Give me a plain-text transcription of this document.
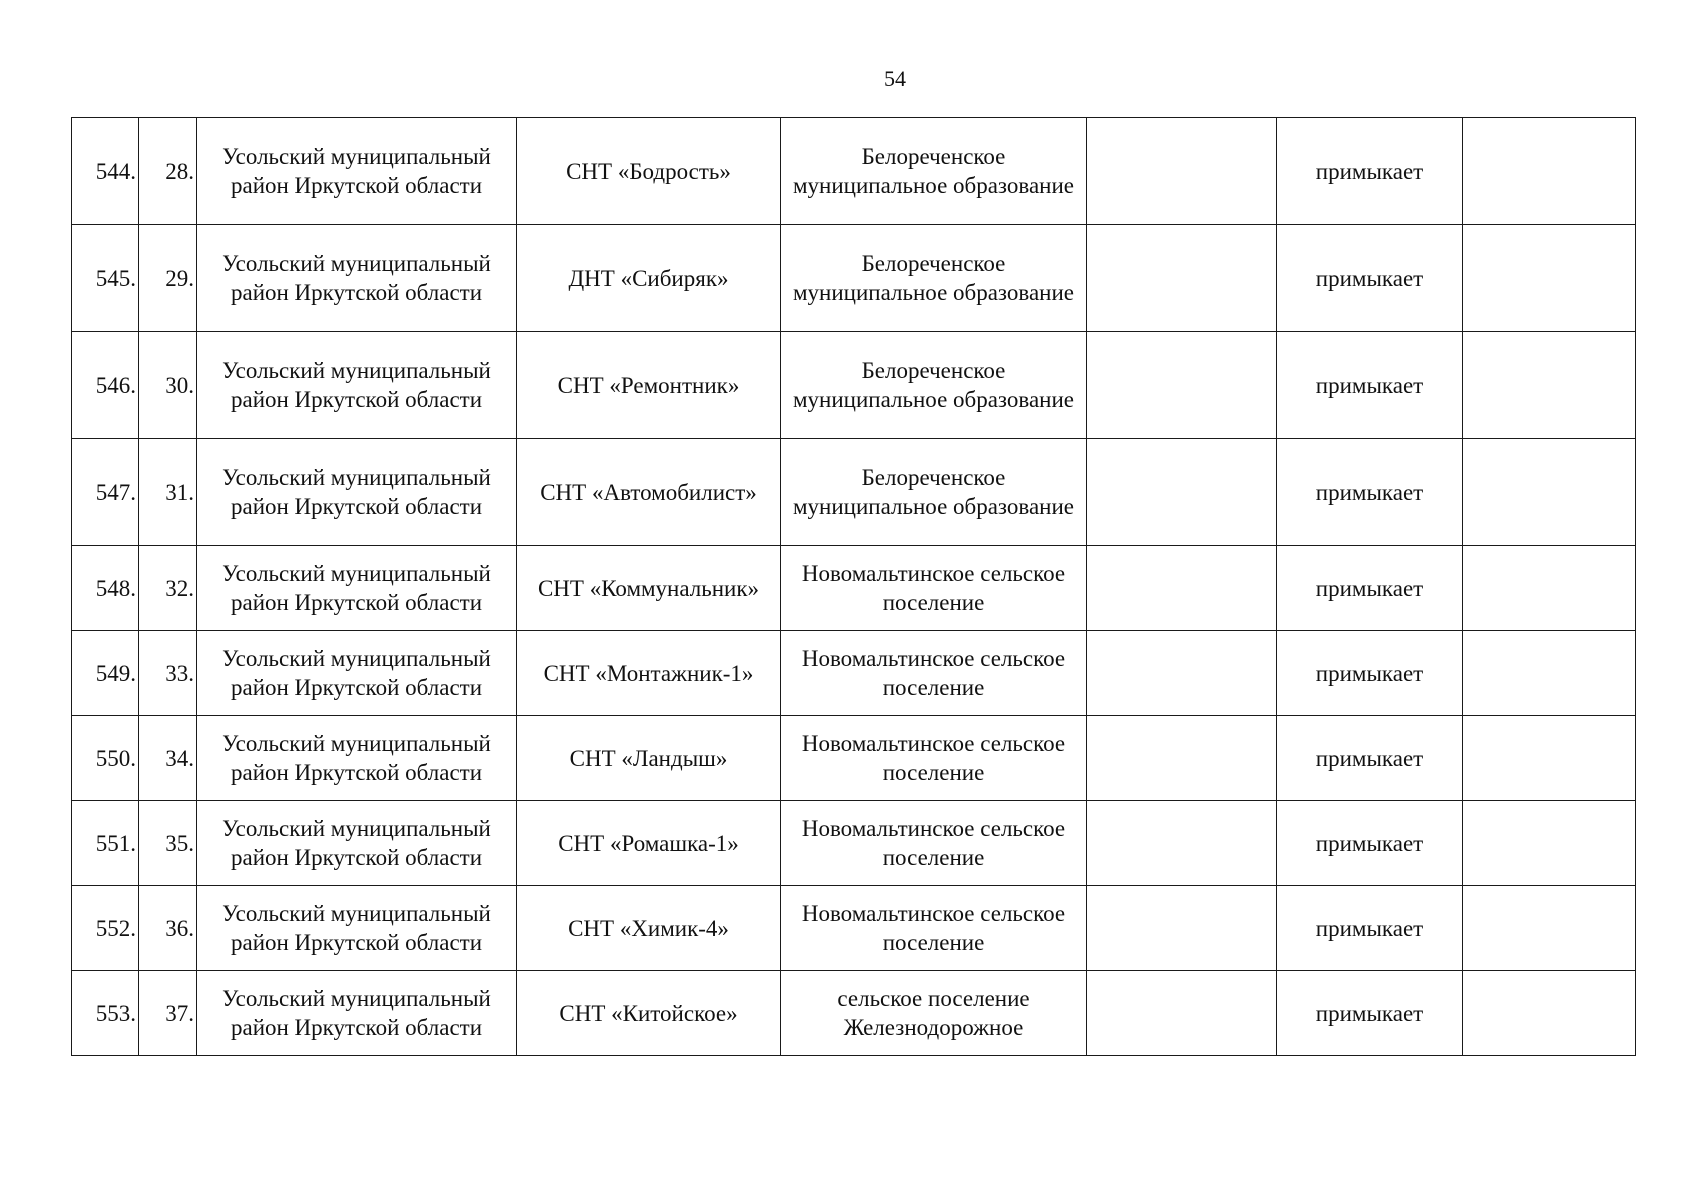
54
544.	28.	Усольский муниципальный район Иркутской области	СНТ «Бодрость»	Белореченское муниципальное образование		примыкает	
545.	29.	Усольский муниципальный район Иркутской области	ДНТ «Сибиряк»	Белореченское муниципальное образование		примыкает	
546.	30.	Усольский муниципальный район Иркутской области	СНТ «Ремонтник»	Белореченское муниципальное образование		примыкает	
547.	31.	Усольский муниципальный район Иркутской области	СНТ «Автомобилист»	Белореченское муниципальное образование		примыкает	
548.	32.	Усольский муниципальный район Иркутской области	СНТ «Коммунальник»	Новомальтинское сельское поселение		примыкает	
549.	33.	Усольский муниципальный район Иркутской области	СНТ «Монтажник-1»	Новомальтинское сельское поселение		примыкает	
550.	34.	Усольский муниципальный район Иркутской области	СНТ «Ландыш»	Новомальтинское сельское поселение		примыкает	
551.	35.	Усольский муниципальный район Иркутской области	СНТ «Ромашка-1»	Новомальтинское сельское поселение		примыкает	
552.	36.	Усольский муниципальный район Иркутской области	СНТ «Химик-4»	Новомальтинское сельское поселение		примыкает	
553.	37.	Усольский муниципальный район Иркутской области	СНТ «Китойское»	сельское поселение Железнодорожное		примыкает	
